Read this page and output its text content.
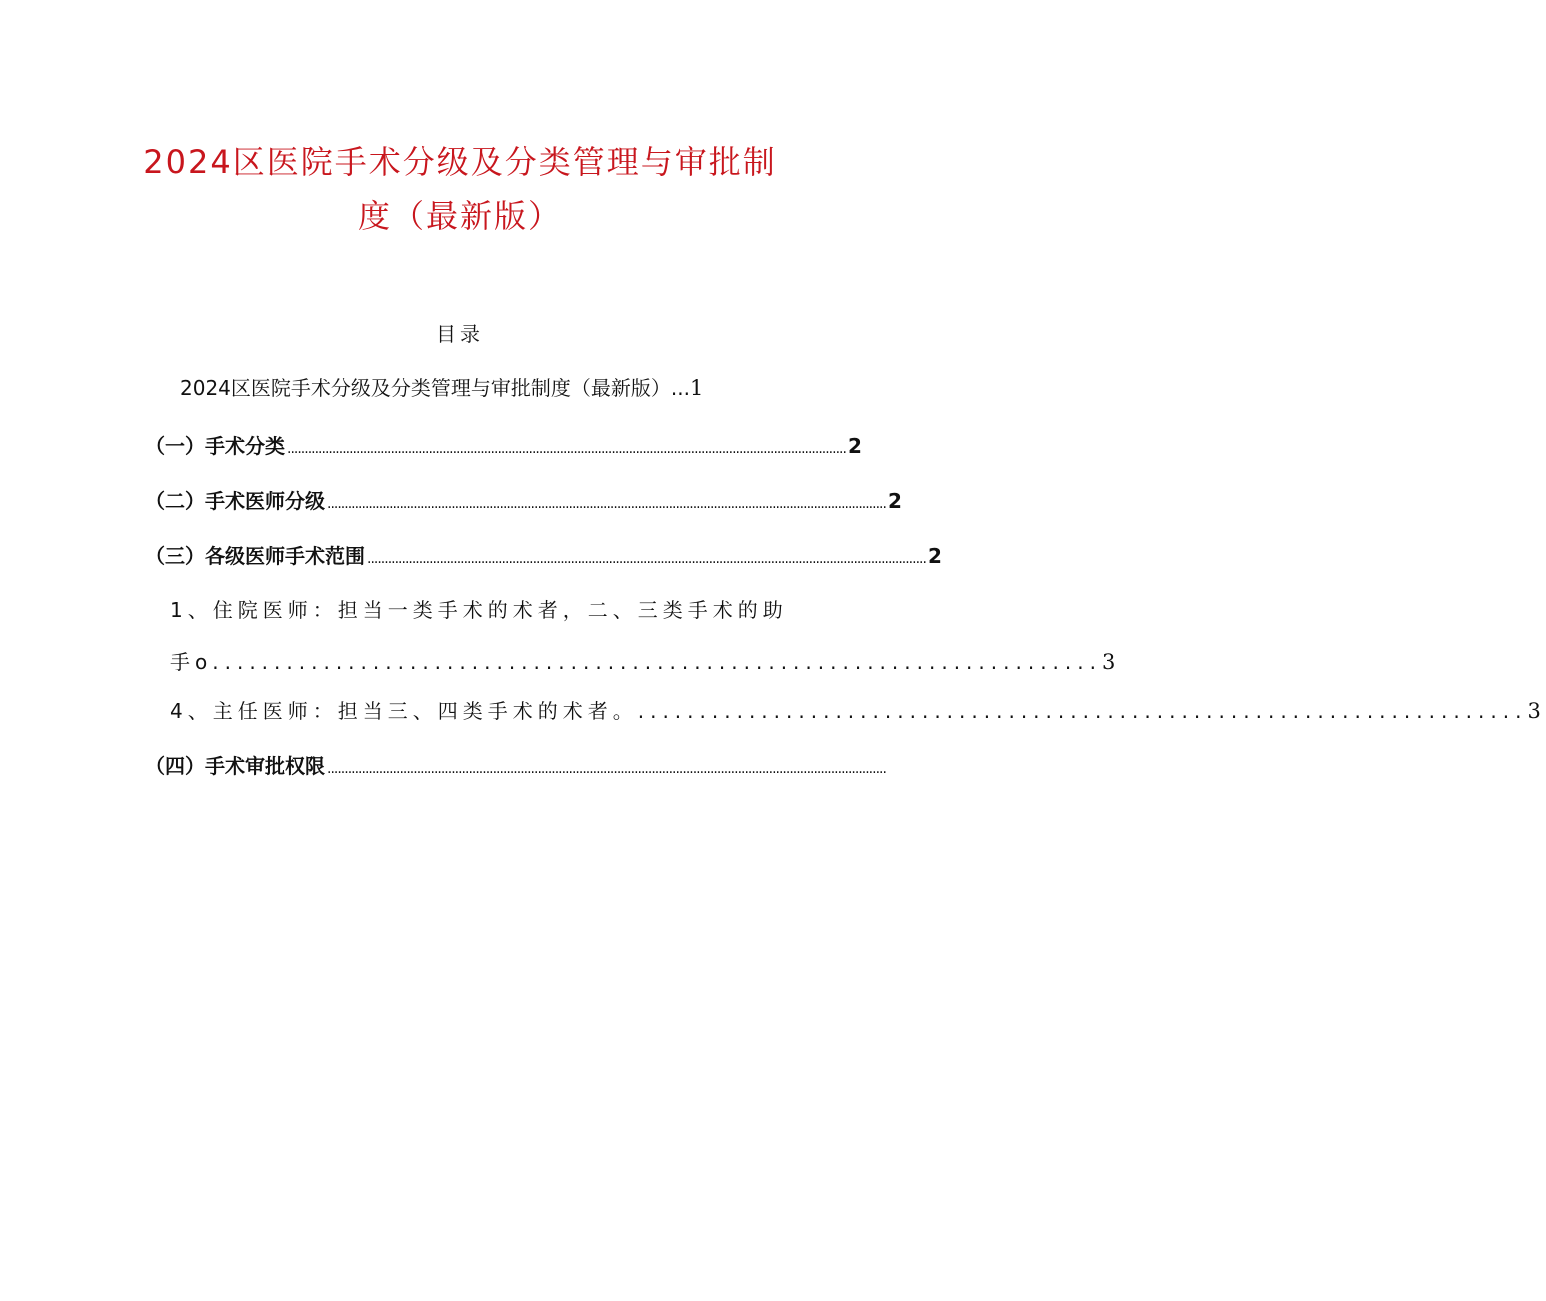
2024区医院手术分级及分类管理与审批制度（最新版）
目录
2024区医院手术分级及分类管理与审批制度（最新版） ... 1
（一）手术分类 .................................................................................................................................................................. 2
（二）手术医师分级 .................................................................................................................................................................. 2
（三）各级医师手术范围 .................................................................................................................................................................. 2
1、住院医师：担当一类手术的术者，二、三类手术的助
手o ........................................................................ 3
4、主任医师：担当三、四类手术的术者。 ........................................................................ 3
（四）手术审批权限 ..................................................................................................................................................................
